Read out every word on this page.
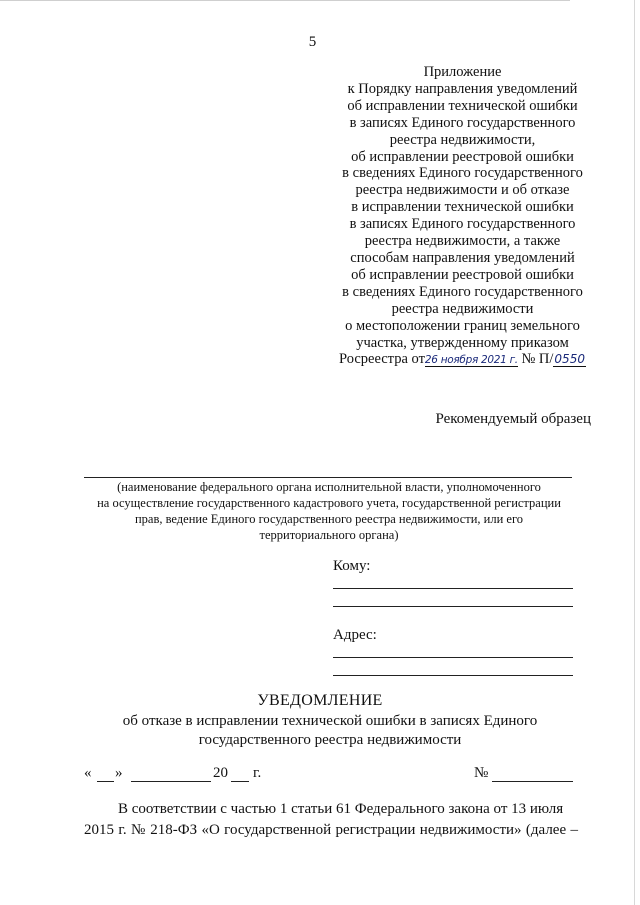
5
Приложение
к Порядку направления уведомлений
об исправлении технической ошибки
в записях Единого государственного
реестра недвижимости,
об исправлении реестровой ошибки
в сведениях Единого государственного
реестра недвижимости и об отказе
в исправлении технической ошибки
в записях Единого государственного
реестра недвижимости, а также
способам направления уведомлений
об исправлении реестровой ошибки
в сведениях Единого государственного
реестра недвижимости
о местоположении границ земельного
участка, утвержденному приказом
Росреестра от26 ноября 2021 г. № П/0550
Рекомендуемый образец
(наименование федерального органа исполнительной власти, уполномоченного
на осуществление государственного кадастрового учета, государственной регистрации
прав, ведение Единого государственного реестра недвижимости, или его
территориального органа)
Кому:
Адрес:
УВЕДОМЛЕНИЕ
об отказе в исправлении технической ошибки в записях Единого
государственного реестра недвижимости
« »	20 г.	№
В соответствии с частью 1 статьи 61 Федерального закона от 13 июля
2015 г. № 218-ФЗ «О государственной регистрации недвижимости» (далее –
